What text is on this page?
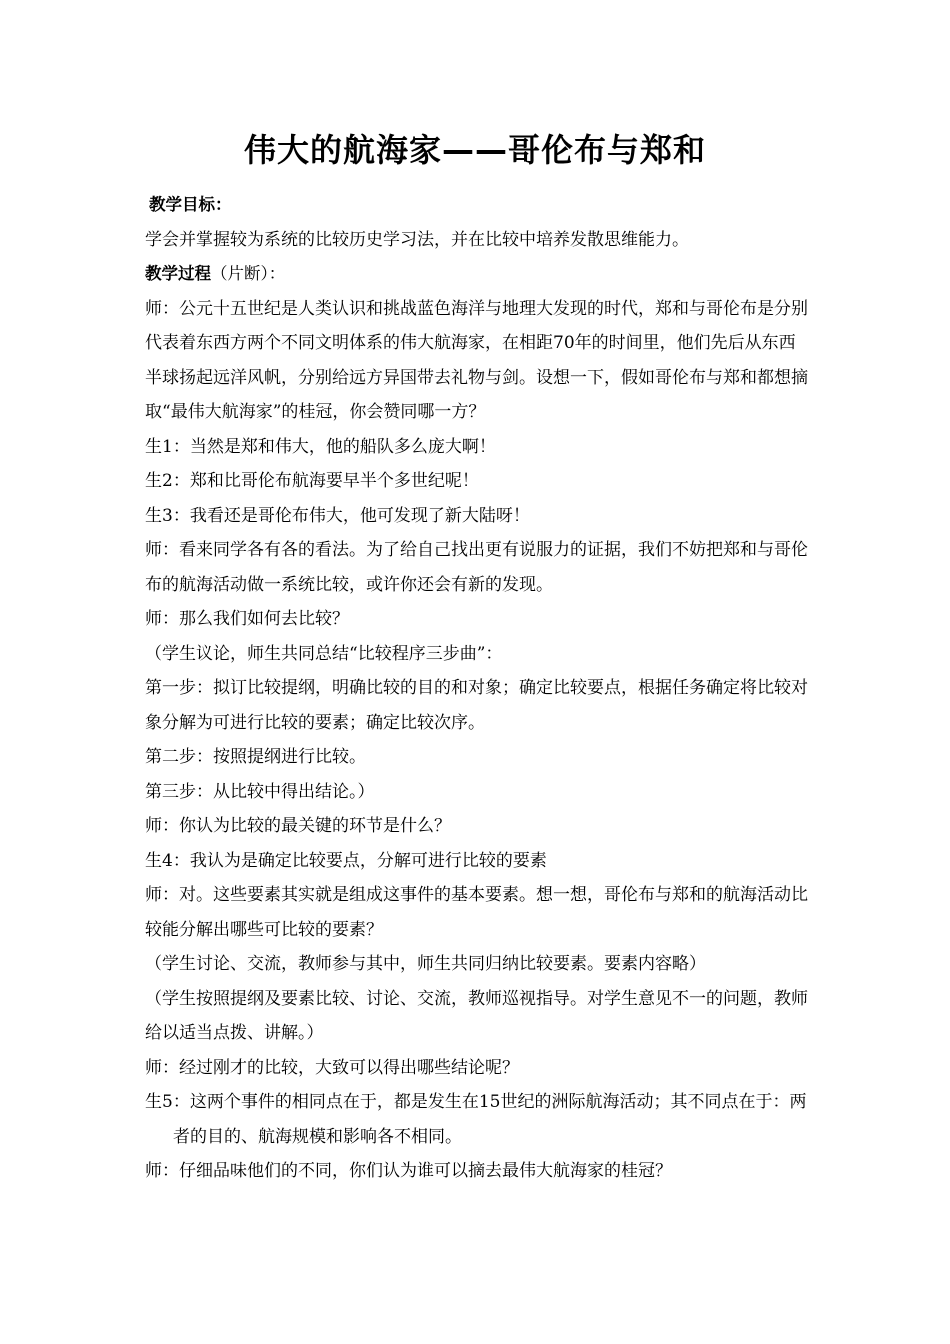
伟大的航海家——哥伦布与郑和

教学目标：

学会并掌握较为系统的比较历史学习法，并在比较中培养发散思维能力。

教学过程（片断）：

师：公元十五世纪是人类认识和挑战蓝色海洋与地理大发现的时代，郑和与哥伦布是分别代表着东西方两个不同文明体系的伟大航海家，在相距70年的时间里，他们先后从东西半球扬起远洋风帆，分别给远方异国带去礼物与剑。设想一下，假如哥伦布与郑和都想摘取“最伟大航海家”的桂冠，你会赞同哪一方？

生1：当然是郑和伟大，他的船队多么庞大啊！

生2：郑和比哥伦布航海要早半个多世纪呢！

生3：我看还是哥伦布伟大，他可发现了新大陆呀！

师：看来同学各有各的看法。为了给自己找出更有说服力的证据，我们不妨把郑和与哥伦布的航海活动做一系统比较，或许你还会有新的发现。

师：那么我们如何去比较？

（学生议论，师生共同总结“比较程序三步曲”：

第一步：拟订比较提纲，明确比较的目的和对象；确定比较要点，根据任务确定将比较对象分解为可进行比较的要素；确定比较次序。

第二步：按照提纲进行比较。

第三步：从比较中得出结论。）

师：你认为比较的最关键的环节是什么？

生4：我认为是确定比较要点，分解可进行比较的要素

师：对。这些要素其实就是组成这事件的基本要素。想一想，哥伦布与郑和的航海活动比较能分解出哪些可比较的要素？

（学生讨论、交流，教师参与其中，师生共同归纳比较要素。要素内容略）

（学生按照提纲及要素比较、讨论、交流，教师巡视指导。对学生意见不一的问题，教师给以适当点拨、讲解。）

师：经过刚才的比较，大致可以得出哪些结论呢？

生5：这两个事件的相同点在于，都是发生在15世纪的洲际航海活动；其不同点在于：两者的目的、航海规模和影响各不相同。

师：仔细品味他们的不同，你们认为谁可以摘去最伟大航海家的桂冠？
